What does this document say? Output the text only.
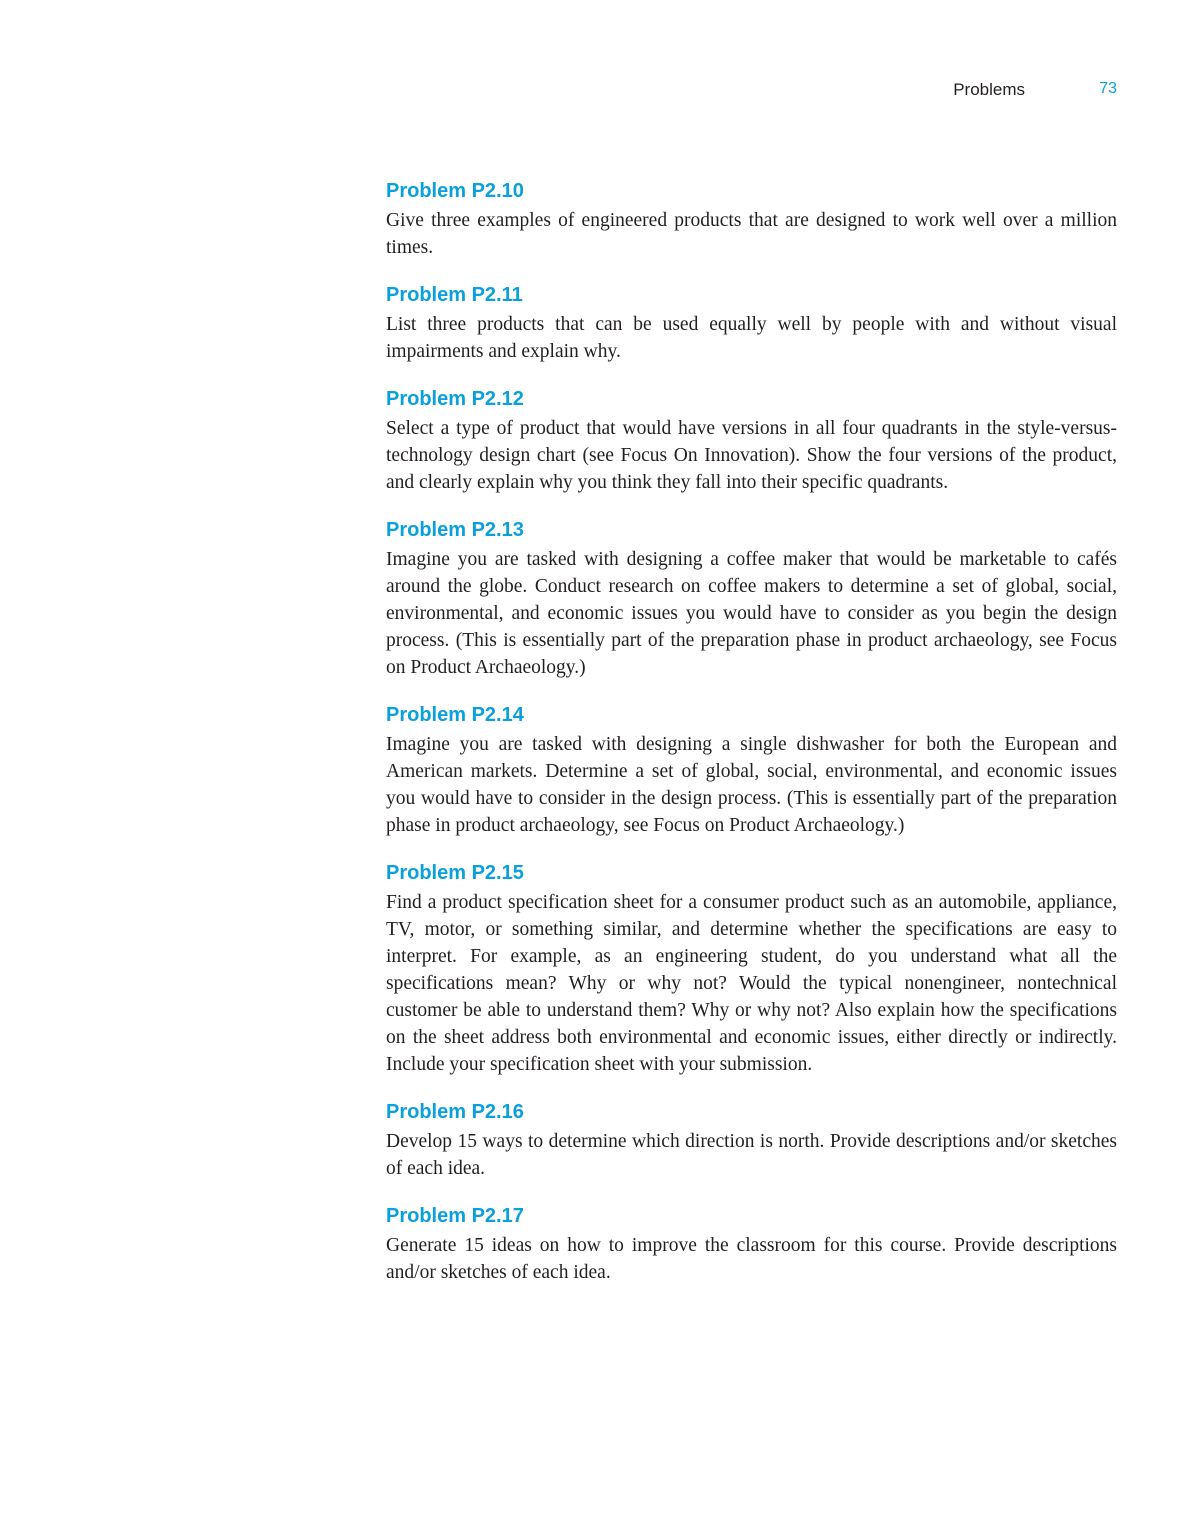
Problems	73
Problem P2.10

Give three examples of engineered products that are designed to work well over a million times.

Problem P2.11

List three products that can be used equally well by people with and without visual impairments and explain why.

Problem P2.12

Select a type of product that would have versions in all four quadrants in the style-versus-technology design chart (see Focus On Innovation). Show the four versions of the product, and clearly explain why you think they fall into their specific quadrants.

Problem P2.13

Imagine you are tasked with designing a coffee maker that would be marketable to cafés around the globe. Conduct research on coffee makers to determine a set of global, social, environmental, and economic issues you would have to consider as you begin the design process. (This is essentially part of the preparation phase in product archaeology, see Focus on Product Archaeology.)

Problem P2.14

Imagine you are tasked with designing a single dishwasher for both the European and American markets. Determine a set of global, social, environmental, and economic issues you would have to consider in the design process. (This is essentially part of the preparation phase in product archaeology, see Focus on Product Archaeology.)

Problem P2.15

Find a product specification sheet for a consumer product such as an automobile, appliance, TV, motor, or something similar, and determine whether the specifications are easy to interpret. For example, as an engineering student, do you understand what all the specifications mean? Why or why not? Would the typical nonengineer, nontechnical customer be able to understand them? Why or why not? Also explain how the specifications on the sheet address both environmental and economic issues, either directly or indirectly. Include your specification sheet with your submission.

Problem P2.16

Develop 15 ways to determine which direction is north. Provide descriptions and/or sketches of each idea.

Problem P2.17

Generate 15 ideas on how to improve the classroom for this course. Provide descriptions and/or sketches of each idea.
